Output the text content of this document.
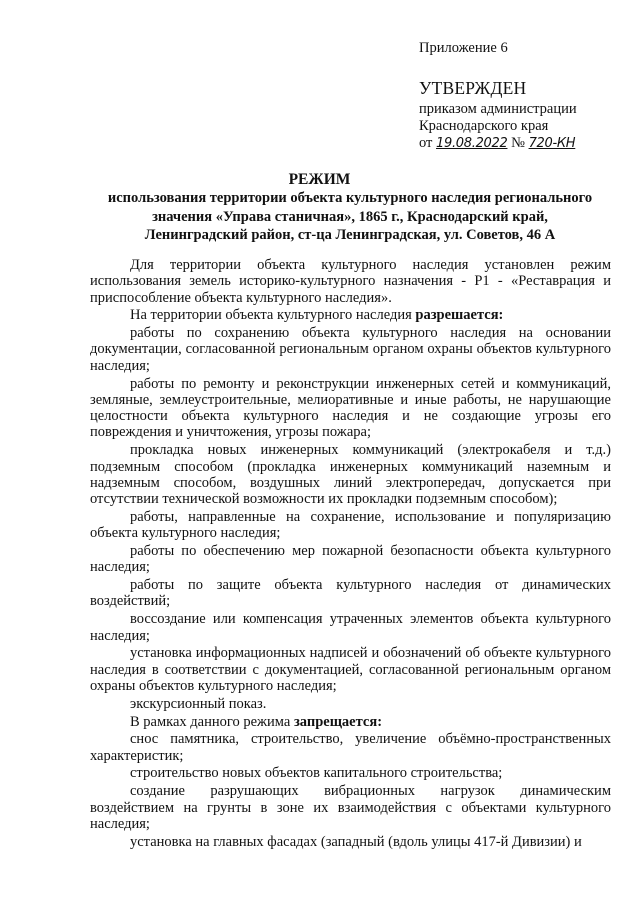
Приложение 6
УТВЕРЖДЕН
приказом администрации
Краснодарского края
от 19.08.2022 № 720-КН
РЕЖИМ
использования территории объекта культурного наследия регионального значения «Управа станичная», 1865 г., Краснодарский край, Ленинградский район, ст-ца Ленинградская, ул. Советов, 46 А

Для территории объекта культурного наследия установлен режим использования земель историко-культурного назначения - Р1 - «Реставрация и приспособление объекта культурного наследия».

На территории объекта культурного наследия разрешается:

работы по сохранению объекта культурного наследия на основании документации, согласованной региональным органом охраны объектов культурного наследия;

работы по ремонту и реконструкции инженерных сетей и коммуникаций, земляные, землеустроительные, мелиоративные и иные работы, не нарушающие целостности объекта культурного наследия и не создающие угрозы его повреждения и уничтожения, угрозы пожара;

прокладка новых инженерных коммуникаций (электрокабеля и т.д.) подземным способом (прокладка инженерных коммуникаций наземным и надземным способом, воздушных линий электропередач, допускается при отсутствии технической возможности их прокладки подземным способом);

работы, направленные на сохранение, использование и популяризацию объекта культурного наследия;

работы по обеспечению мер пожарной безопасности объекта культурного наследия;

работы по защите объекта культурного наследия от динамических воздействий;

воссоздание или компенсация утраченных элементов объекта культурного наследия;

установка информационных надписей и обозначений об объекте культурного наследия в соответствии с документацией, согласованной региональным органом охраны объектов культурного наследия;

экскурсионный показ.

В рамках данного режима запрещается:

снос памятника, строительство, увеличение объёмно-пространственных характеристик;

строительство новых объектов капитального строительства;

создание разрушающих вибрационных нагрузок динамическим воздействием на грунты в зоне их взаимодействия с объектами культурного наследия;

установка на главных фасадах (западный (вдоль улицы 417-й Дивизии) и
